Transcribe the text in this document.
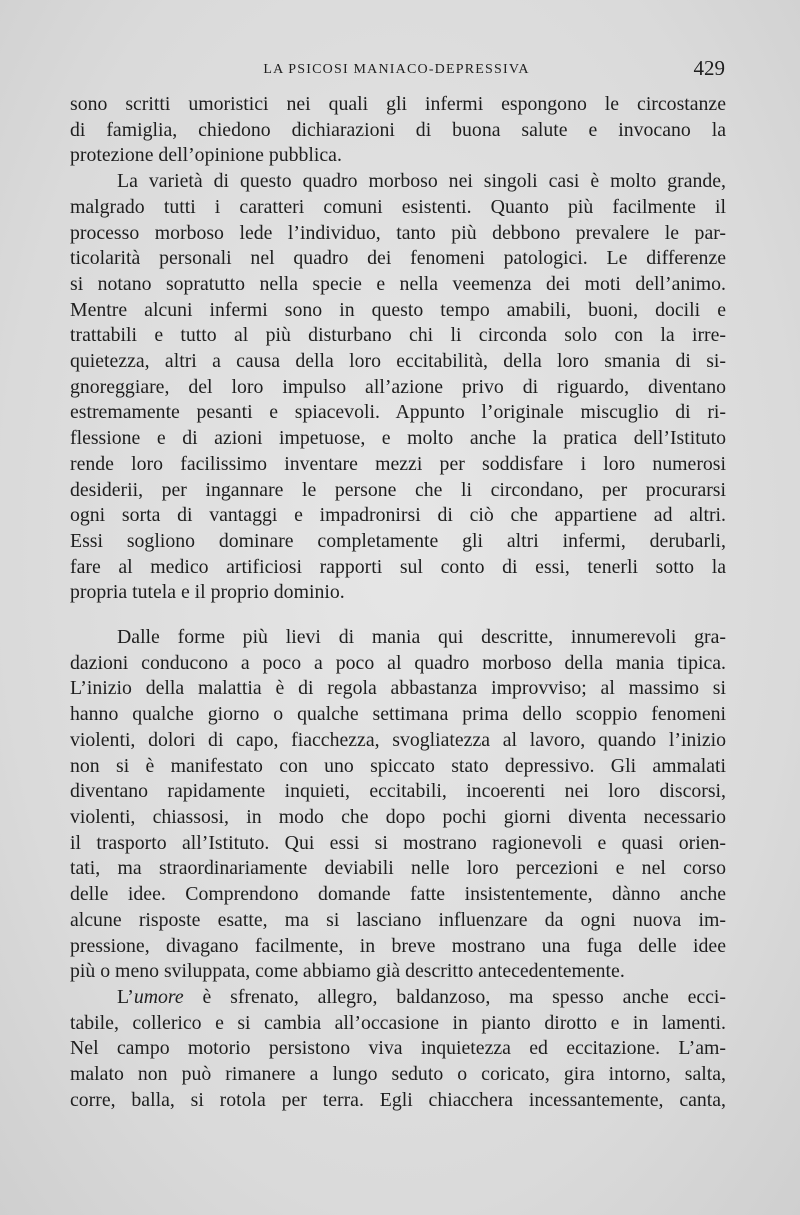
LA PSICOSI MANIACO-DEPRESSIVA	429
sono scritti umoristici nei quali gli infermi espongono le circostanze
di famiglia, chiedono dichiarazioni di buona salute e invocano la
protezione dell’opinione pubblica.
La varietà di questo quadro morboso nei singoli casi è molto grande,
malgrado tutti i caratteri comuni esistenti. Quanto più facilmente il
processo morboso lede l’individuo, tanto più debbono prevalere le par-
ticolarità personali nel quadro dei fenomeni patologici. Le differenze
si notano sopratutto nella specie e nella veemenza dei moti dell’animo.
Mentre alcuni infermi sono in questo tempo amabili, buoni, docili e
trattabili e tutto al più disturbano chi li circonda solo con la irre-
quietezza, altri a causa della loro eccitabilità, della loro smania di si-
gnoreggiare, del loro impulso all’azione privo di riguardo, diventano
estremamente pesanti e spiacevoli. Appunto l’originale miscuglio di ri-
flessione e di azioni impetuose, e molto anche la pratica dell’Istituto
rende loro facilissimo inventare mezzi per soddisfare i loro numerosi
desiderii, per ingannare le persone che li circondano, per procurarsi
ogni sorta di vantaggi e impadronirsi di ciò che appartiene ad altri.
Essi sogliono dominare completamente gli altri infermi, derubarli,
fare al medico artificiosi rapporti sul conto di essi, tenerli sotto la
propria tutela e il proprio dominio.
Dalle forme più lievi di mania qui descritte, innumerevoli gra-
dazioni conducono a poco a poco al quadro morboso della mania tipica.
L’inizio della malattia è di regola abbastanza improvviso; al massimo si
hanno qualche giorno o qualche settimana prima dello scoppio fenomeni
violenti, dolori di capo, fiacchezza, svogliatezza al lavoro, quando l’inizio
non si è manifestato con uno spiccato stato depressivo. Gli ammalati
diventano rapidamente inquieti, eccitabili, incoerenti nei loro discorsi,
violenti, chiassosi, in modo che dopo pochi giorni diventa necessario
il trasporto all’Istituto. Qui essi si mostrano ragionevoli e quasi orien-
tati, ma straordinariamente deviabili nelle loro percezioni e nel corso
delle idee. Comprendono domande fatte insistentemente, dànno anche
alcune risposte esatte, ma si lasciano influenzare da ogni nuova im-
pressione, divagano facilmente, in breve mostrano una fuga delle idee
più o meno sviluppata, come abbiamo già descritto antecedentemente.
L’umore è sfrenato, allegro, baldanzoso, ma spesso anche ecci-
tabile, collerico e si cambia all’occasione in pianto dirotto e in lamenti.
Nel campo motorio persistono viva inquietezza ed eccitazione. L’am-
malato non può rimanere a lungo seduto o coricato, gira intorno, salta,
corre, balla, si rotola per terra. Egli chiacchera incessantemente, canta,
